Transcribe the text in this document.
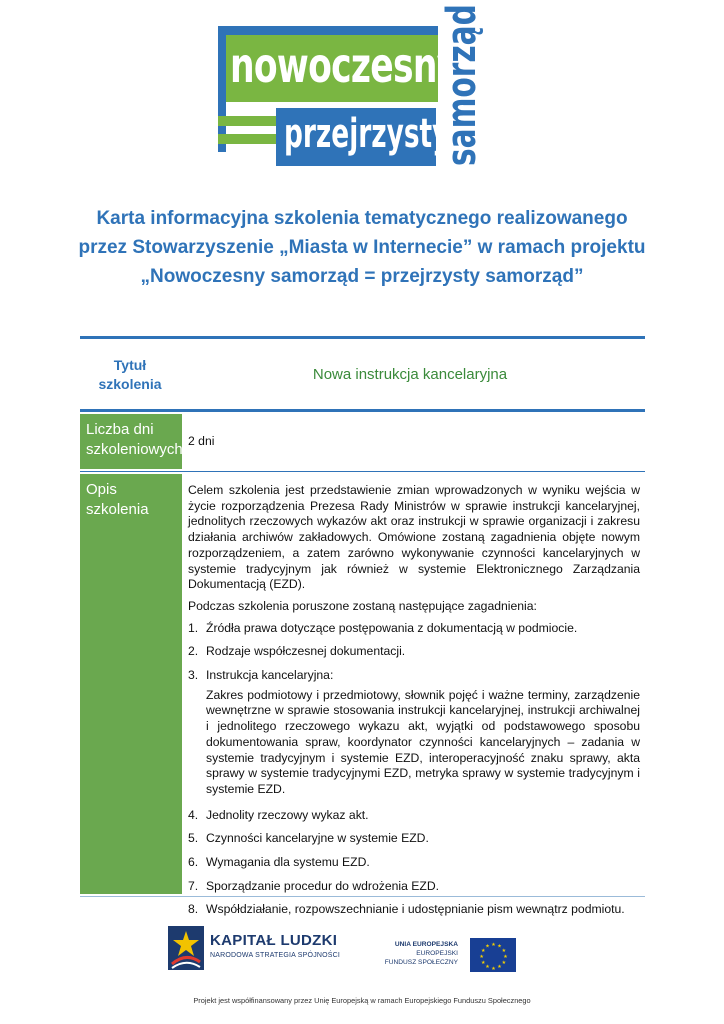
nowoczesny
przejrzysty
samorząd
Karta informacyjna szkolenia tematycznego realizowanego
przez Stowarzyszenie „Miasta w Internecie” w ramach projektu
„Nowoczesny samorząd = przejrzysty samorząd”
Tytuł
szkolenia
Nowa instrukcja kancelaryjna
Liczba dni
szkoleniowych 2 dni
Opis
szkolenia

Celem szkolenia jest przedstawienie zmian wprowadzonych w wyniku wejścia w życie rozporządzenia Prezesa Rady Ministrów w sprawie instrukcji kancelaryjnej, jednolitych rzeczowych wykazów akt oraz instrukcji w sprawie organizacji i zakresu działania archiwów zakładowych. Omówione zostaną zagadnienia objęte nowym rozporządzeniem, a zatem zarówno wykonywanie czynności kancelaryjnych w systemie tradycyjnym jak również w systemie Elektronicznego Zarządzania Dokumentacją (EZD).

Podczas szkolenia poruszone zostaną następujące zagadnienia:

1. Źródła prawa dotyczące postępowania z dokumentacją w podmiocie.
2. Rodzaje współczesnej dokumentacji.
3. Instrukcja kancelaryjna:
Zakres podmiotowy i przedmiotowy, słownik pojęć i ważne terminy, zarządzenie wewnętrzne w sprawie stosowania instrukcji kancelaryjnej, instrukcji archiwalnej i jednolitego rzeczowego wykazu akt, wyjątki od podstawowego sposobu dokumentowania spraw, koordynator czynności kancelaryjnych – zadania w systemie tradycyjnym i systemie EZD, interoperacyjność znaku sprawy, akta sprawy w systemie tradycyjnymi EZD, metryka sprawy w systemie tradycyjnym i systemie EZD.
4. Jednolity rzeczowy wykaz akt.
5. Czynności kancelaryjne w systemie EZD.
6. Wymagania dla systemu EZD.
7. Sporządzanie procedur do wdrożenia EZD.
8. Współdziałanie, rozpowszechnianie i udostępnianie pism wewnątrz podmiotu.
KAPITAŁ LUDZKI
NARODOWA STRATEGIA SPÓJNOŚCI
UNIA EUROPEJSKA
EUROPEJSKI
FUNDUSZ SPOŁECZNY
★ ★
★
★
★
★
★
★
★
★
★
★
Projekt jest współfinansowany przez Unię Europejską w ramach Europejskiego Funduszu Społecznego
